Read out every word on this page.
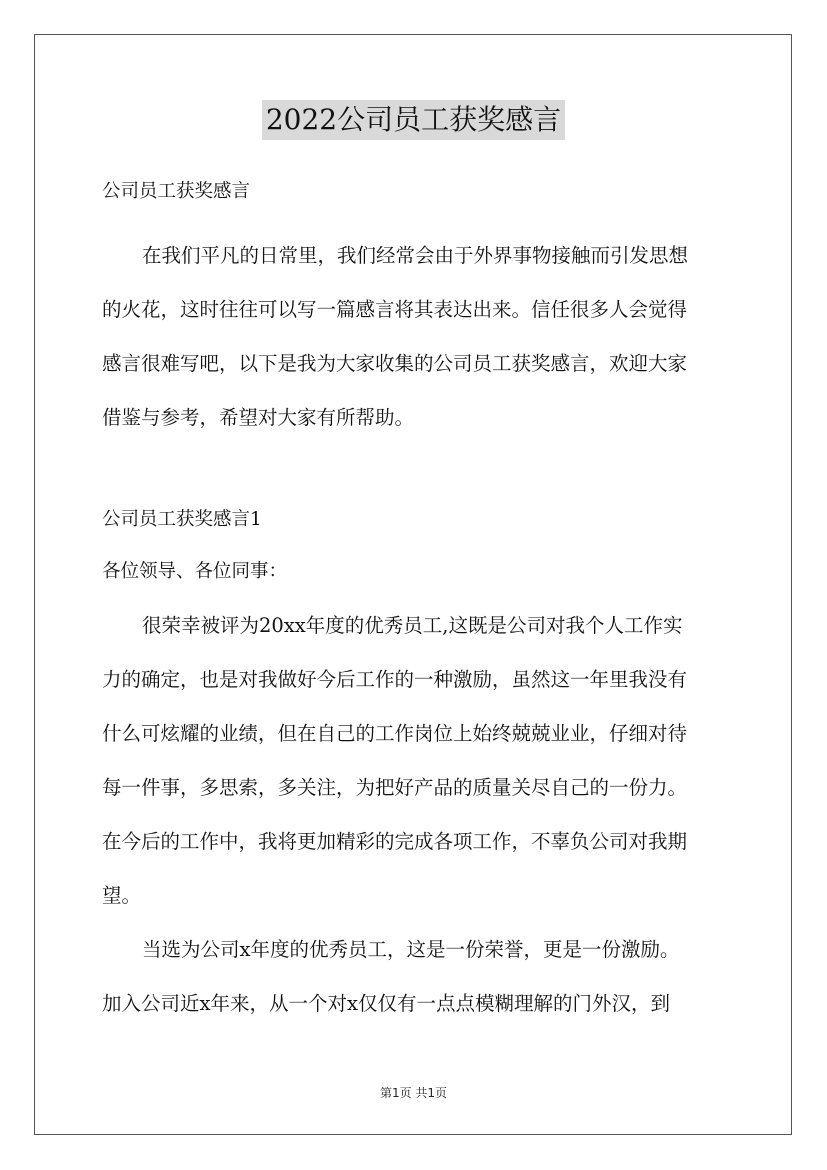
2022公司员工获奖感言
公司员工获奖感言
在我们平凡的日常里，我们经常会由于外界事物接触而引发思想
的火花，这时往往可以写一篇感言将其表达出来。信任很多人会觉得
感言很难写吧，以下是我为大家收集的公司员工获奖感言，欢迎大家
借鉴与参考，希望对大家有所帮助。
公司员工获奖感言1
各位领导、各位同事：
很荣幸被评为20xx年度的优秀员工,这既是公司对我个人工作实
力的确定，也是对我做好今后工作的一种激励，虽然这一年里我没有
什么可炫耀的业绩，但在自己的工作岗位上始终兢兢业业，仔细对待
每一件事，多思索，多关注，为把好产品的质量关尽自己的一份力。
在今后的工作中，我将更加精彩的完成各项工作，不辜负公司对我期
望。
当选为公司x年度的优秀员工，这是一份荣誉，更是一份激励。
加入公司近x年来，从一个对x仅仅有一点点模糊理解的门外汉，到
第1页 共1页
